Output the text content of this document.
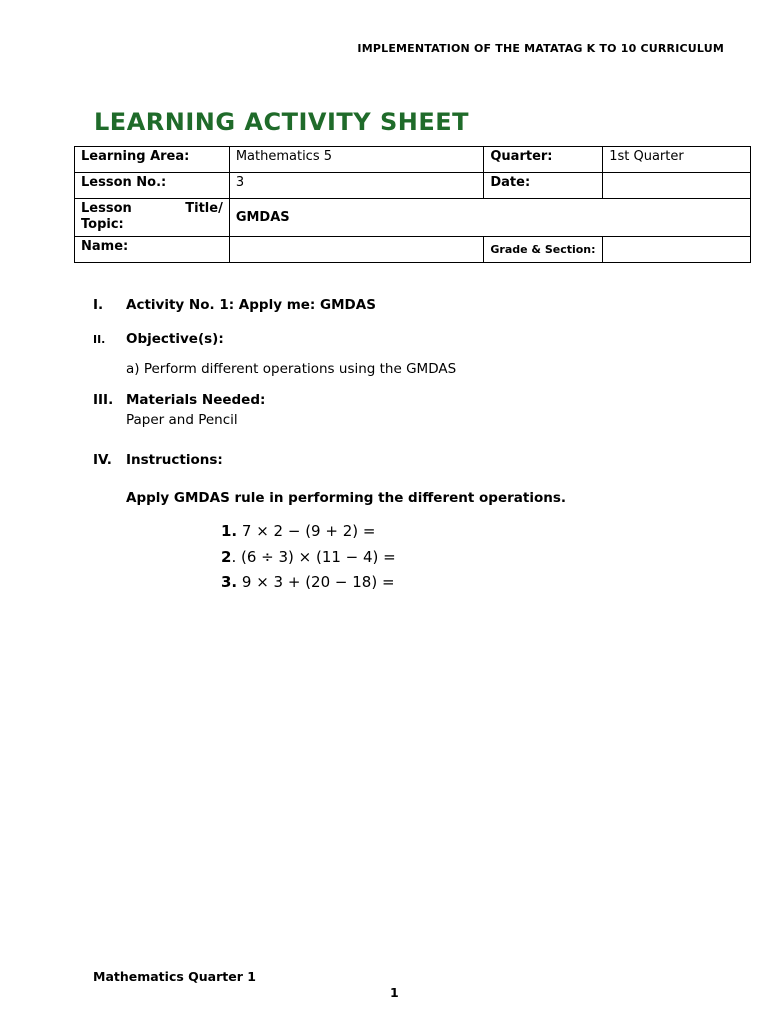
IMPLEMENTATION OF THE MATATAG K TO 10 CURRICULUM
LEARNING ACTIVITY SHEET
Learning Area:	Mathematics 5	Quarter:	1st Quarter
Lesson No.:	3	Date:	

Lesson Title/
Topic:	GMDAS		
Name:		Grade & Section:	
I. Activity No. 1: Apply me: GMDAS
II. Objective(s):
a) Perform different operations using the GMDAS
III. Materials Needed:
Paper and Pencil
IV. Instructions:
Apply GMDAS rule in performing the different operations.
1. 7 × 2 − (9 + 2) =
2. (6 ÷ 3) × (11 − 4) =
3. 9 × 3 + (20 − 18) =
Mathematics Quarter 1
1
